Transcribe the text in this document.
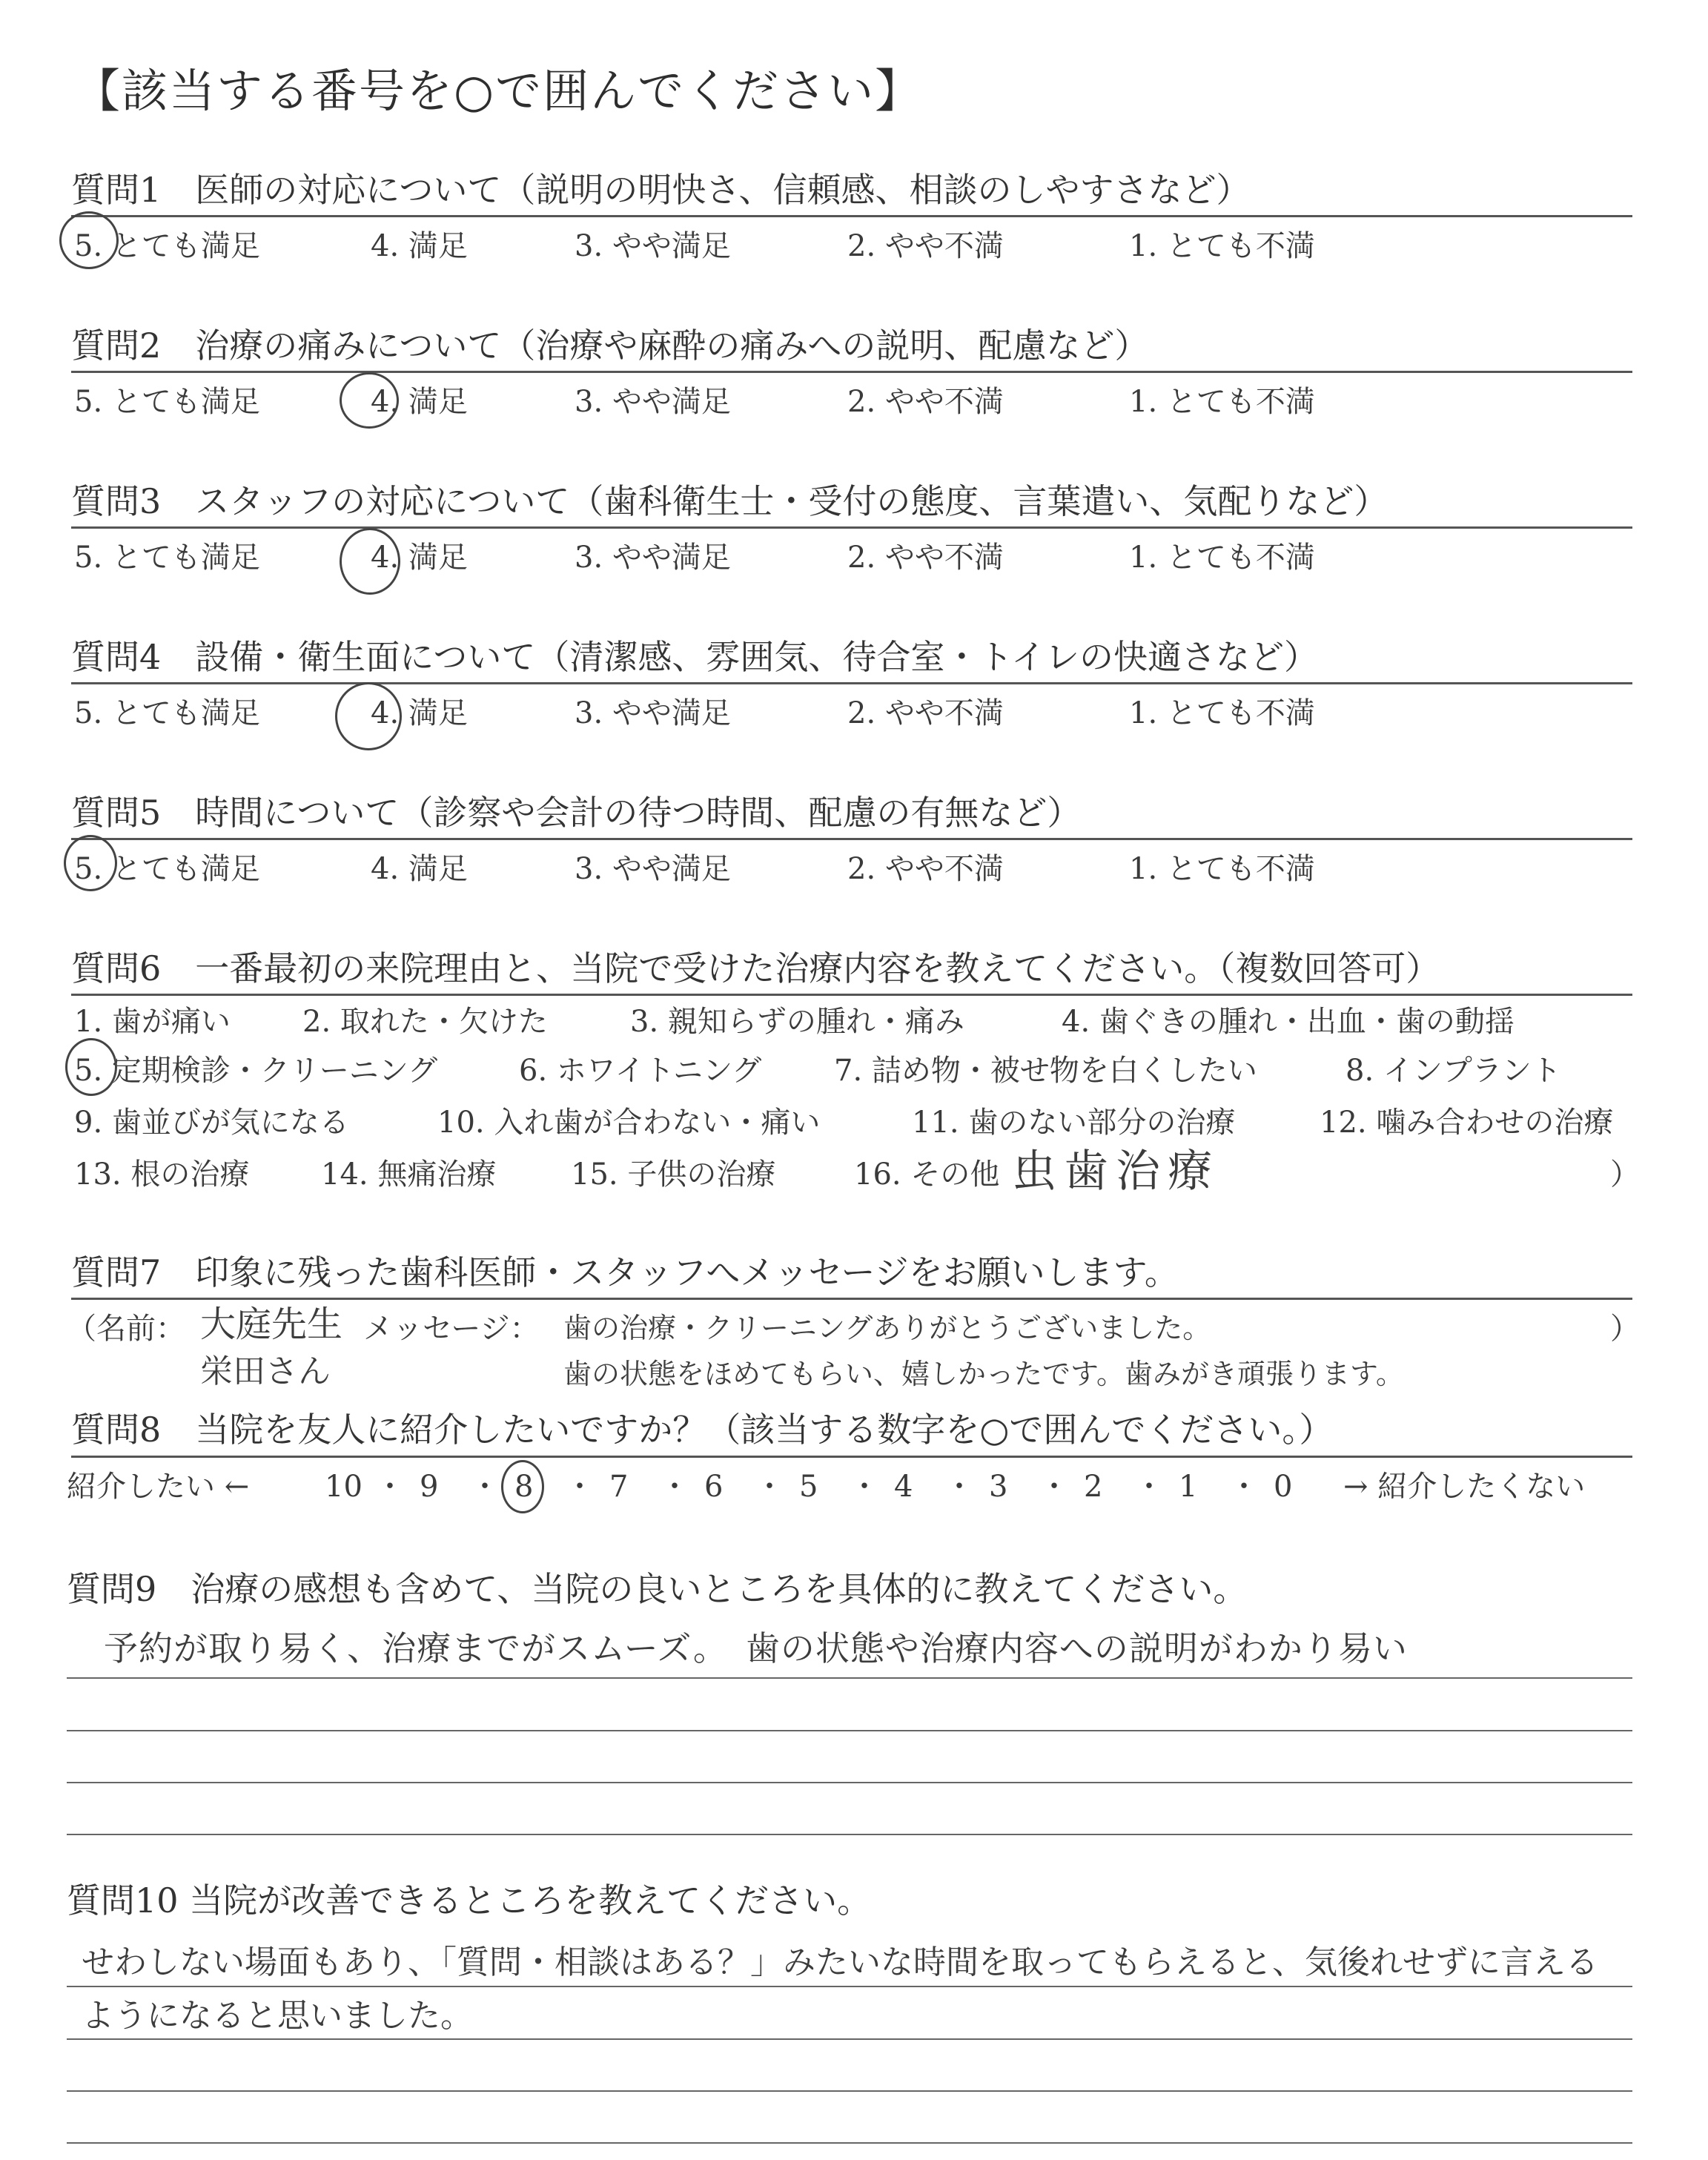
【該当する番号を○で囲んでください】
質問1　医師の対応について（説明の明快さ、信頼感、相談のしやすさなど）
5. とても満足	4. 満足	3. やや満足	2. やや不満	1. とても不満
質問2　治療の痛みについて（治療や麻酔の痛みへの説明、配慮など）
5. とても満足	4. 満足	3. やや満足	2. やや不満	1. とても不満
質問3　スタッフの対応について（歯科衛生士・受付の態度、言葉遣い、気配りなど）
5. とても満足	4. 満足	3. やや満足	2. やや不満	1. とても不満
質問4　設備・衛生面について（清潔感、雰囲気、待合室・トイレの快適さなど）
5. とても満足	4. 満足	3. やや満足	2. やや不満	1. とても不満
質問5　時間について（診察や会計の待つ時間、配慮の有無など）
5. とても満足	4. 満足	3. やや満足	2. やや不満	1. とても不満
質問6　一番最初の来院理由と、当院で受けた治療内容を教えてください。（複数回答可）
1. 歯が痛い 2. 取れた・欠けた	3. 親知らずの腫れ・痛み	4. 歯ぐきの腫れ・出血・歯の動揺
5. 定期検診・クリーニング	6. ホワイトニング 7. 詰め物・被せ物を白くしたい	8. インプラント
9. 歯並びが気になる	10. 入れ歯が合わない・痛い	11. 歯のない部分の治療	12. 噛み合わせの治療
13. 根の治療 14. 無痛治療	15. 子供の治療	16. その他（
虫歯治療	）
質問7　印象に残った歯科医師・スタッフへメッセージをお願いします。
（名前： 大庭先生
栄田さん
メッセージ： 歯の治療・クリーニングありがとうございました。
歯の状態をほめてもらい、嬉しかったです。歯みがき頑張ります。
）
質問8　当院を友人に紹介したいですか？（該当する数字を○で囲んでください。）
紹介したい ←	10 ・ 9 ・ 8 ・ 7 ・ 6 ・ 5 ・ 4 ・ 3 ・ 2 ・ 1 ・ 0 → 紹介したくない
質問9　治療の感想も含めて、当院の良いところを具体的に教えてください。
予約が取り易く、治療までがスムーズ。　歯の状態や治療内容への説明がわかり易い
質問10 当院が改善できるところを教えてください。
せわしない場面もあり、「質問・相談はある？」みたいな時間を取ってもらえると、気後れせずに言える
ようになると思いました。
